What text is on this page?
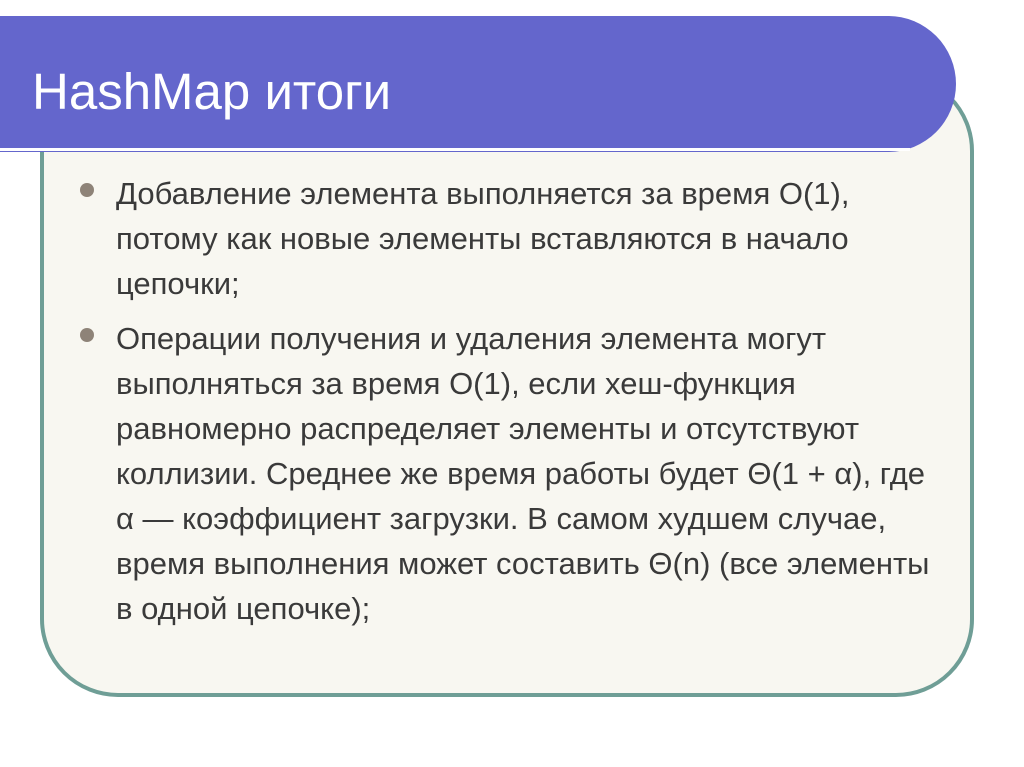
HashMap итоги
Добавление элемента выполняется за время O(1), потому как новые элементы вставляются в начало цепочки;
Операции получения и удаления элемента могут выполняться за время O(1), если хеш-функция равномерно распределяет элементы и отсутствуют коллизии. Среднее же время работы будет Θ(1 + α), где α — коэффициент загрузки. В самом худшем случае, время выполнения может составить Θ(n) (все элементы в одной цепочке);
